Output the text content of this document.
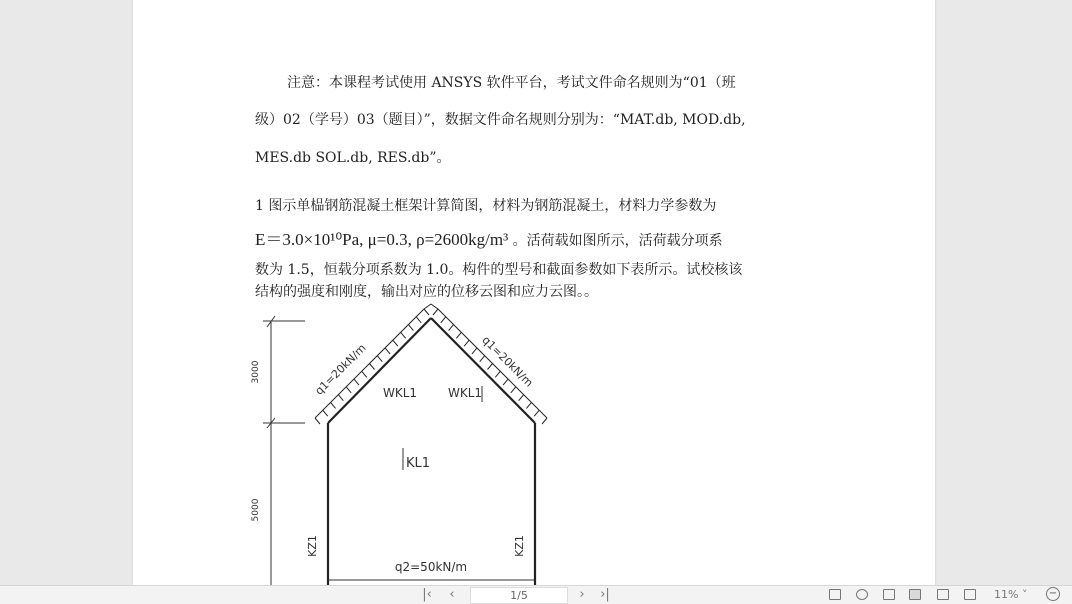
注意：本课程考试使用 ANSYS 软件平台，考试文件命名规则为“01（班
级）02（学号）03（题目）”，数据文件命名规则分别为：“MAT.db, MOD.db,
MES.db SOL.db, RES.db”。
1 图示单榀钢筋混凝土框架计算简图，材料为钢筋混凝土，材料力学参数为
E＝3.0×10¹⁰Pa, μ=0.3, ρ=2600kg/m³ 。活荷载如图所示，活荷载分项系
数为 1.5，恒载分项系数为 1.0。构件的型号和截面参数如下表所示。试校核该
结构的强度和刚度，输出对应的位移云图和应力云图。。
3000
5000
q1=20kN/m	q1=20kN/m
WKL1	WKL1
KL1
KZ1	KZ1
q2=50kN/m
|‹	‹	1/5	›	›|	11% ˅ −
